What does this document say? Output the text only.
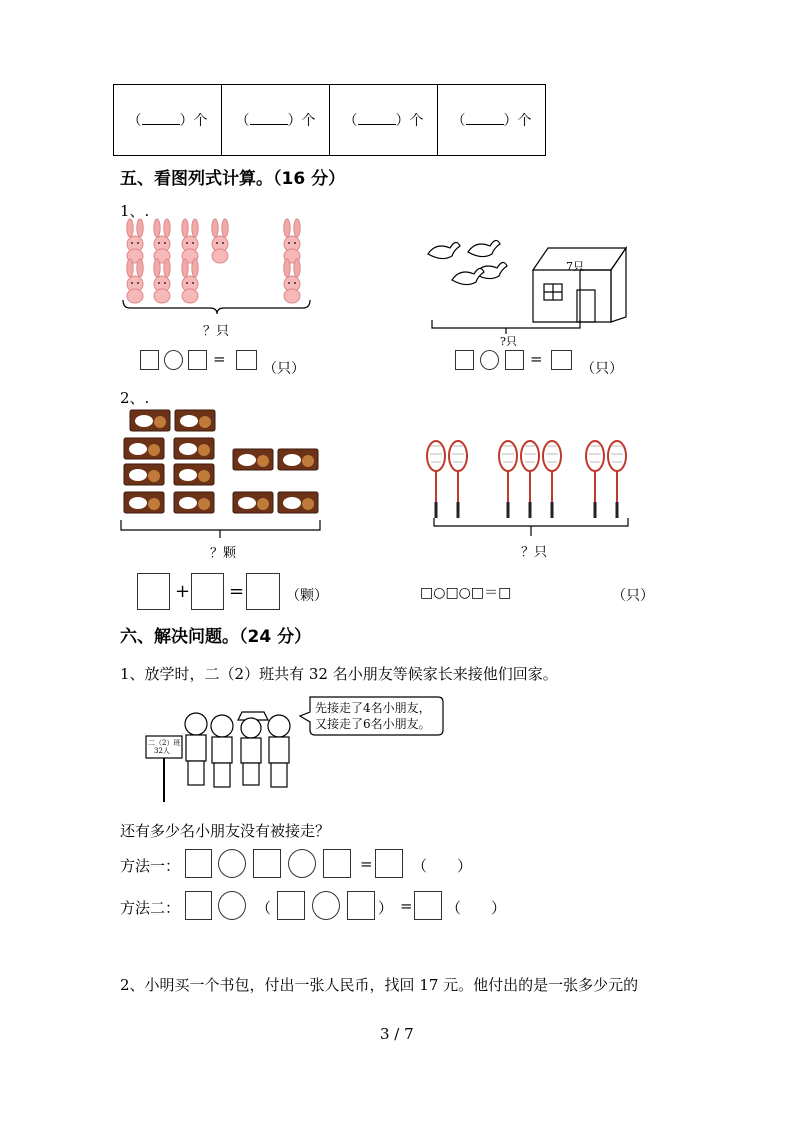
（	）个	（	）个	（	）个	（	）个
五、看图列式计算。（16 分）
1、.
？只
=
（只）
7只
?只
=
（只）
2、.
？颗	？只
+ =	（颗）	□○□○□＝□	（只）
六、解决问题。（24 分）
1、放学时，二（2）班共有 32 名小朋友等候家长来接他们回家。
二（2）班
32人
先接走了4名小朋友，
又接走了6名小朋友。
还有多少名小朋友没有被接走？
方法一：	=	（　　）
方法二：	（	） = （　　）
2、小明买一个书包，付出一张人民币，找回 17 元。他付出的是一张多少元的
3 / 7
